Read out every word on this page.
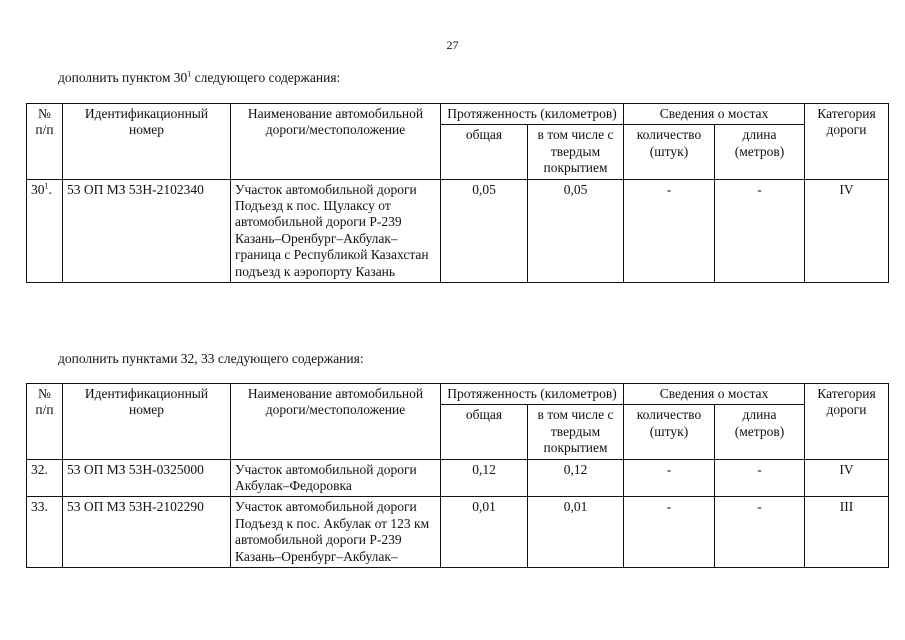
27
дополнить пунктом $30^1$ следующего содержания:
№ п/п	Идентификационный номер	Наименование автомобильной дороги/местоположение	Протяженность (километров)		Сведения о мостах		Категория дороги
			общая	в том числе с твердым покрытием	количество (штук)	длина (метров)	
$30^1$.	53 ОП МЗ 53Н-2102340	Участок автомобильной дороги Подъезд к пос. Щулаксу от автомобильной дороги Р-239 Казань–Оренбург–Акбулак–граница с Республикой Казахстан подъезд к аэропорту Казань	0,05	0,05	-	-	IV
дополнить пунктами 32, 33 следующего содержания:
№ п/п	Идентификационный номер	Наименование автомобильной дороги/местоположение	Протяженность (километров)		Сведения о мостах		Категория дороги
			общая	в том числе с твердым покрытием	количество (штук)	длина (метров)	
32.	53 ОП МЗ 53Н-0325000	Участок автомобильной дороги Акбулак–Федоровка	0,12	0,12	-	-	IV
33.	53 ОП МЗ 53Н-2102290	Участок автомобильной дороги Подъезд к пос. Акбулак от 123 км автомобильной дороги Р-239 Казань–Оренбург–Акбулак–	0,01	0,01	-	-	III
